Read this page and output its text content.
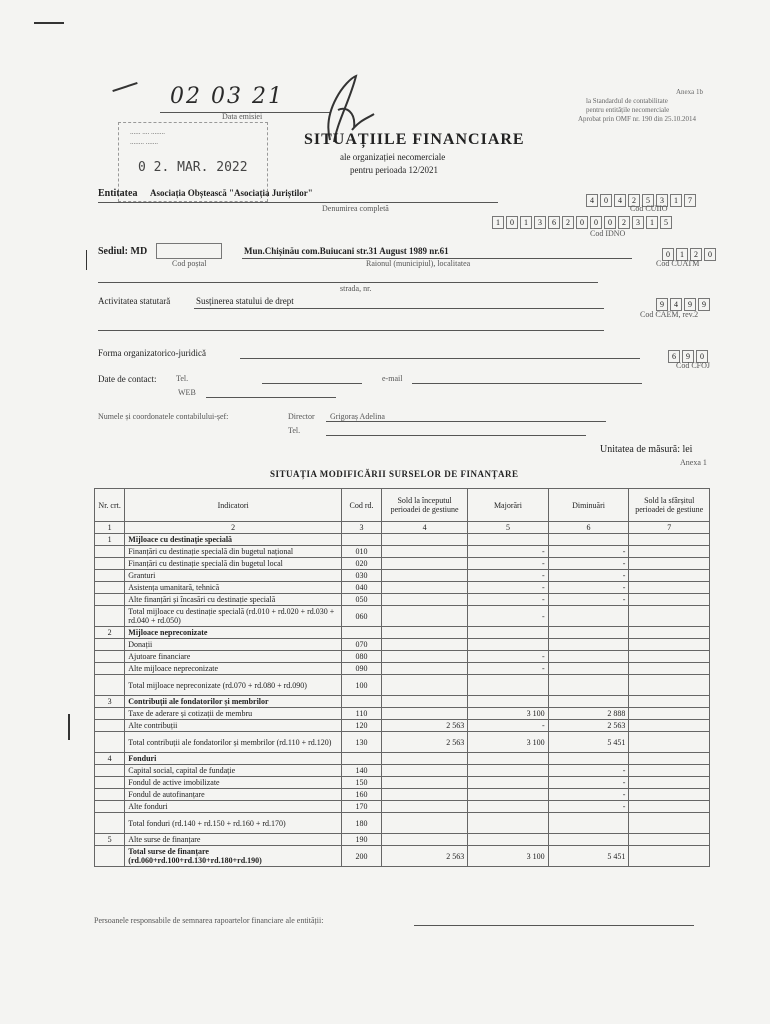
02 03 21
Data emisiei
...... .... ........
........ .......
0 2. MAR. 2022
Anexa 1b
la Standardul de contabilitate
pentru entitățile necomerciale
Aprobat prin OMF nr. 190 din 25.10.2014
SITUAȚIILE FINANCIARE
ale organizației necomerciale
pentru perioada 12/2021
Entitatea Asociația Obștească "Asociația Juriștilor"
Denumirea completă
4 0 4 2 5 3 1 7
Cod CUIIO
1 0 1 3 6 2 0 0 0 2 3 1 5
Cod IDNO
Sediul: MD
Cod poștal
Mun.Chișinău com.Buiucani str.31 August 1989 nr.61
Raionul (municipiul), localitatea
0 1 2 0
Cod CUATM
strada, nr.
Activitatea statutară	Susținerea statului de drept	9 4 9 9
Cod CAEM, rev.2
Forma organizatorico-juridică	6 9 0
Cod CFOJ
Date de contact: Tel.	e-mail
WEB
Numele și coordonatele contabilului-șef:	Director Grigoraș Adelina
Tel.
Unitatea de măsură: lei
Anexa 1
SITUAȚIA MODIFICĂRII SURSELOR DE FINANȚARE
Nr. crt.	Indicatori	Cod rd.	Sold la începutul perioadei de gestiune	Majorări	Diminuări	Sold la sfârșitul perioadei de gestiune
1	2	3	4	5	6	7
1	Mijloace cu destinație specială					
	Finanțări cu destinație specială din bugetul național	010		-	-	
	Finanțări cu destinație specială din bugetul local	020		-	-	
	Granturi	030		-	-	
	Asistența umanitară, tehnică	040		-	-	
	Alte finanțări și încasări cu destinație specială	050		-	-	
	Total mijloace cu destinație specială (rd.010 + rd.020 + rd.030 + rd.040 + rd.050)	060		-		
2	Mijloace nepreconizate					
	Donații	070				
	Ajutoare financiare	080		-		
	Alte mijloace nepreconizate	090		-		
	Total mijloace nepreconizate (rd.070 + rd.080 + rd.090)	100				
3	Contribuții ale fondatorilor și membrilor					
	Taxe de aderare și cotizații de membru	110		3 100	2 888	
	Alte contribuții	120	2 563	-	2 563	
	Total contribuții ale fondatorilor și membrilor (rd.110 + rd.120)	130	2 563	3 100	5 451	
4	Fonduri					
	Capital social, capital de fundație	140			-	
	Fondul de active imobilizate	150			-	
	Fondul de autofinanțare	160			-	
	Alte fonduri	170			-	
	Total fonduri (rd.140 + rd.150 + rd.160 + rd.170)	180				
5	Alte surse de finanțare	190				
	Total surse de finanțare (rd.060+rd.100+rd.130+rd.180+rd.190)	200	2 563	3 100	5 451	
Persoanele responsabile de semnarea rapoartelor financiare ale entității:
